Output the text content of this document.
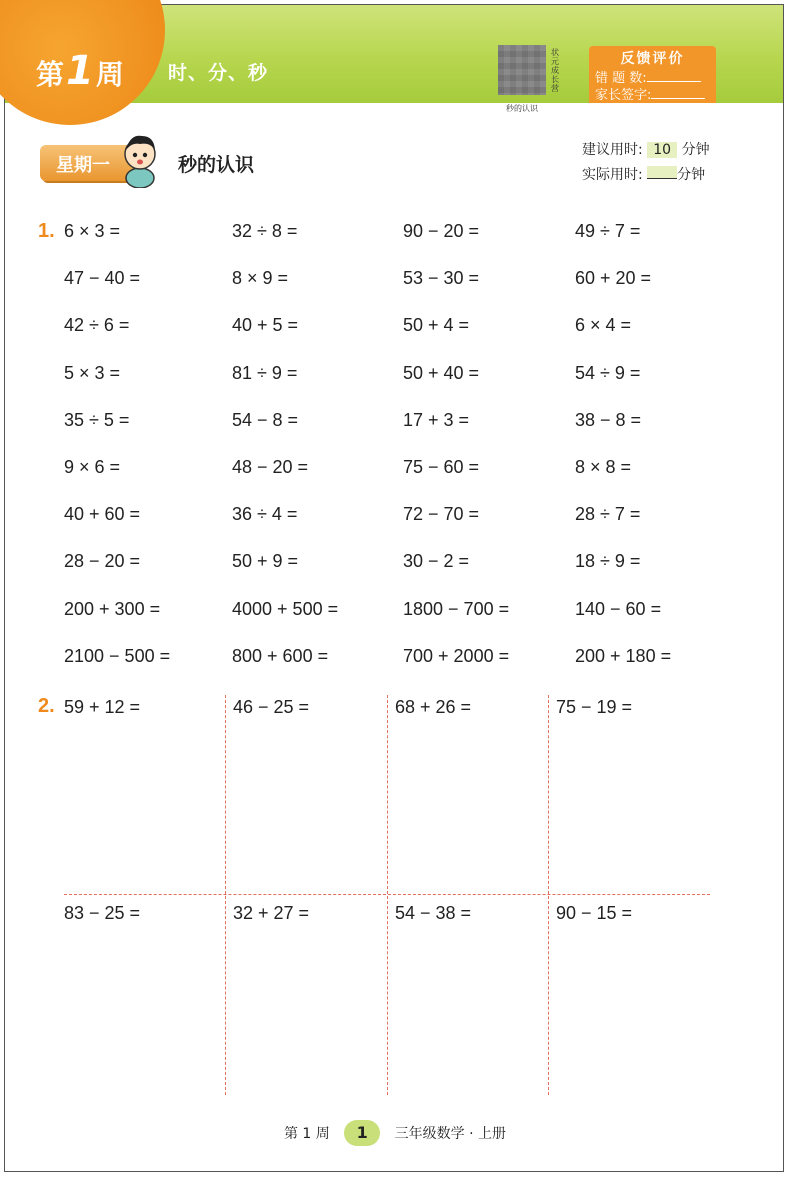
第1周 时、分、秒
状元成长营
秒的认识
反馈评价
错 题 数:
家长签字:
星期一	秒的认识
建议用时: 10 分钟
实际用时: 分钟
1. 6 × 3 =	32 ÷ 8 =	90 − 20 =	49 ÷ 7 =
47 − 40 =	8 × 9 =	53 − 30 =	60 + 20 =
42 ÷ 6 =	40 + 5 =	50 + 4 =	6 × 4 =
5 × 3 =	81 ÷ 9 =	50 + 40 =	54 ÷ 9 =
35 ÷ 5 =	54 − 8 =	17 + 3 =	38 − 8 =
9 × 6 =	48 − 20 =	75 − 60 =	8 × 8 =
40 + 60 =	36 ÷ 4 =	72 − 70 =	28 ÷ 7 =
28 − 20 =	50 + 9 =	30 − 2 =	18 ÷ 9 =
200 + 300 =	4000 + 500 =	1800 − 700 =	140 − 60 =
2100 − 500 =	800 + 600 =	700 + 2000 =	200 + 180 =
2. 59 + 12 =	46 − 25 =	68 + 26 =	75 − 19 =
83 − 25 =	32 + 27 =	54 − 38 =	90 − 15 =
第 1 周 1 三年级数学 · 上册
